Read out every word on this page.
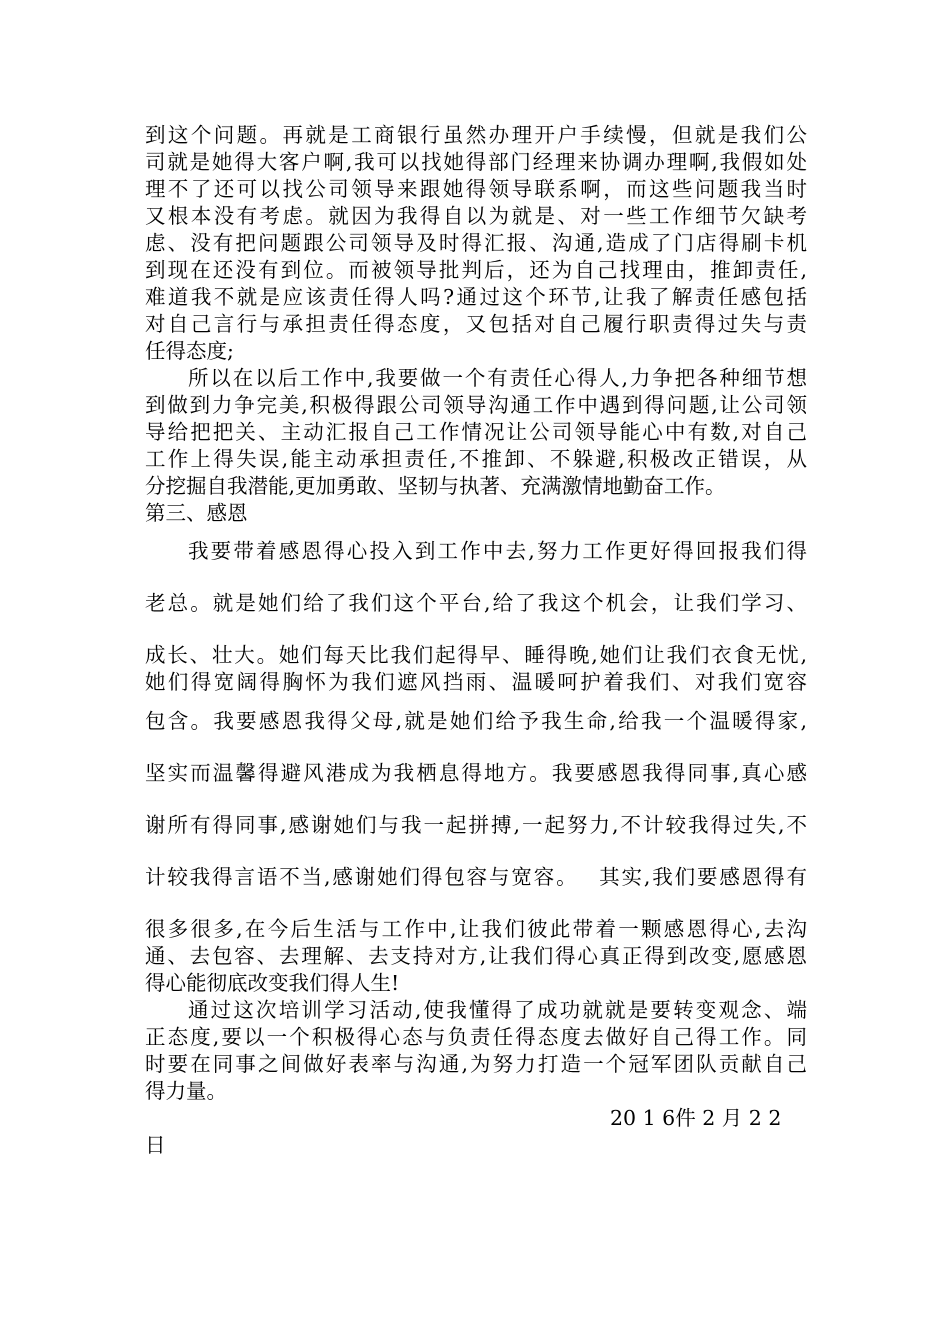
到这个问题。再就是工商银行虽然办理开户手续慢，但就是我们公
司就是她得大客户啊,我可以找她得部门经理来协调办理啊,我假如处
理不了还可以找公司领导来跟她得领导联系啊，而这些问题我当时
又根本没有考虑。就因为我得自以为就是、对一些工作细节欠缺考
虑、没有把问题跟公司领导及时得汇报、沟通,造成了门店得刷卡机
到现在还没有到位。而被领导批判后，还为自己找理由，推卸责任,
难道我不就是应该责任得人吗?通过这个环节,让我了解责任感包括
对自己言行与承担责任得态度，又包括对自己履行职责得过失与责
任得态度;
所以在以后工作中,我要做一个有责任心得人,力争把各种细节想
到做到力争完美,积极得跟公司领导沟通工作中遇到得问题,让公司领
导给把把关、主动汇报自己工作情况让公司领导能心中有数,对自己
工作上得失误,能主动承担责任,不推卸、不躲避,积极改正错误，从
分挖掘自我潜能,更加勇敢、坚韧与执著、充满激情地勤奋工作。
第三、感恩
我要带着感恩得心投入到工作中去,努力工作更好得回报我们得
老总。就是她们给了我们这个平台,给了我这个机会，让我们学习、
成长、壮大。她们每天比我们起得早、睡得晚,她们让我们衣食无忧,
她们得宽阔得胸怀为我们遮风挡雨、温暖呵护着我们、对我们宽容
包含。我要感恩我得父母,就是她们给予我生命,给我一个温暖得家,
坚实而温馨得避风港成为我栖息得地方。我要感恩我得同事,真心感
谢所有得同事,感谢她们与我一起拼搏,一起努力,不计较我得过失,不
计较我得言语不当,感谢她们得包容与宽容。　 其实,我们要感恩得有
很多很多,在今后生活与工作中,让我们彼此带着一颗感恩得心,去沟
通、去包容、去理解、去支持对方,让我们得心真正得到改变,愿感恩
得心能彻底改变我们得人生!
通过这次培训学习活动,使我懂得了成功就就是要转变观念、端
正态度,要以一个积极得心态与负责任得态度去做好自己得工作。同
时要在同事之间做好表率与沟通,为努力打造一个冠军团队贡献自己
得力量。
20 1 6件 2 月 2 2
日
